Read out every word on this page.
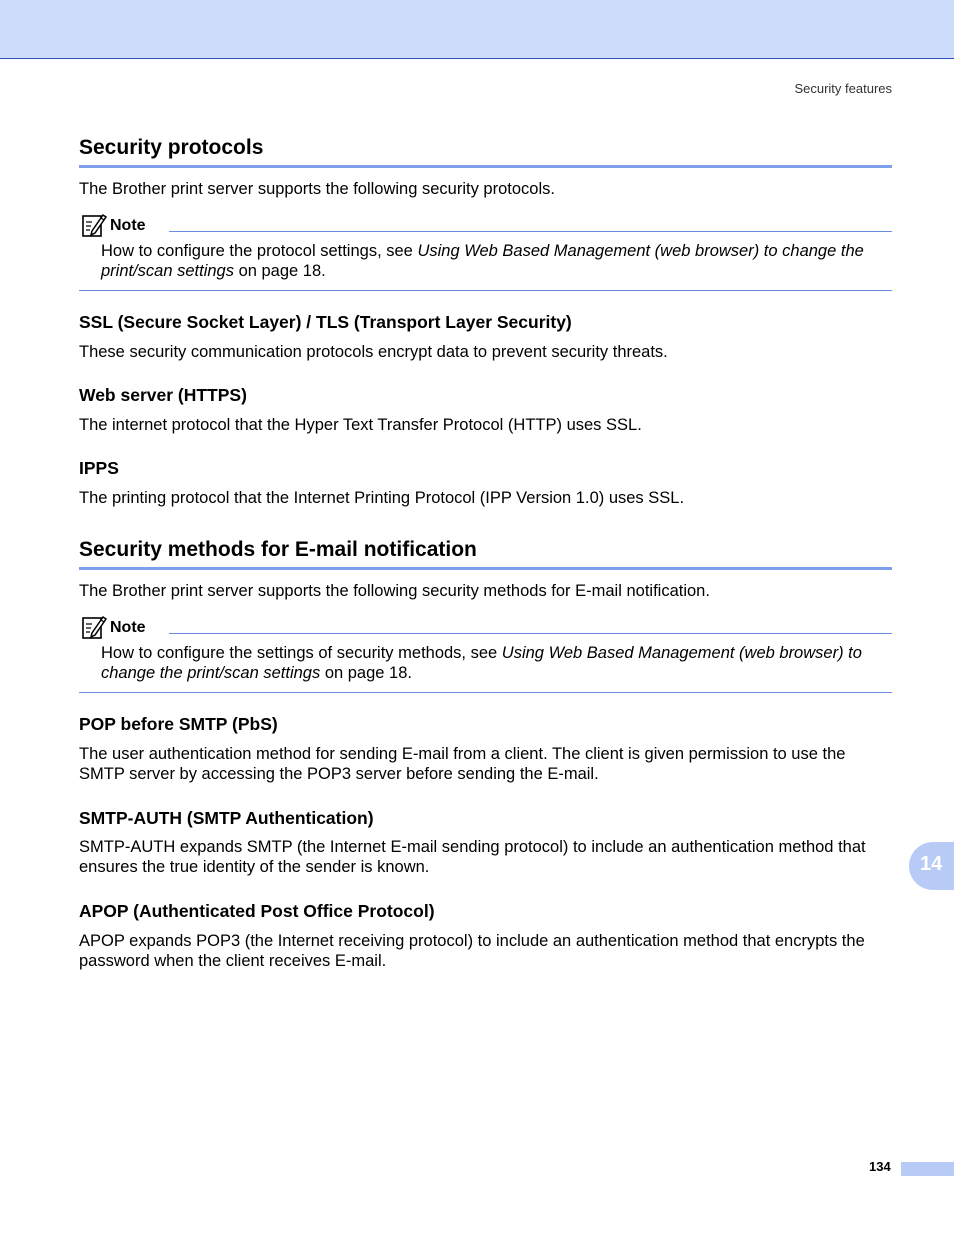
Security features
Security protocols

The Brother print server supports the following security protocols.

Note
How to configure the protocol settings, see Using Web Based Management (web browser) to change the print/scan settings on page 18.
SSL (Secure Socket Layer) / TLS (Transport Layer Security)

These security communication protocols encrypt data to prevent security threats.

Web server (HTTPS)

The internet protocol that the Hyper Text Transfer Protocol (HTTP) uses SSL.

IPPS

The printing protocol that the Internet Printing Protocol (IPP Version 1.0) uses SSL.

Security methods for E-mail notification

The Brother print server supports the following security methods for E-mail notification.

Note
How to configure the settings of security methods, see Using Web Based Management (web browser) to change the print/scan settings on page 18.
POP before SMTP (PbS)

The user authentication method for sending E-mail from a client. The client is given permission to use the SMTP server by accessing the POP3 server before sending the E-mail.

SMTP-AUTH (SMTP Authentication)

SMTP-AUTH expands SMTP (the Internet E-mail sending protocol) to include an authentication method that ensures the true identity of the sender is known.

APOP (Authenticated Post Office Protocol)

APOP expands POP3 (the Internet receiving protocol) to include an authentication method that encrypts the password when the client receives E-mail.

14
134
